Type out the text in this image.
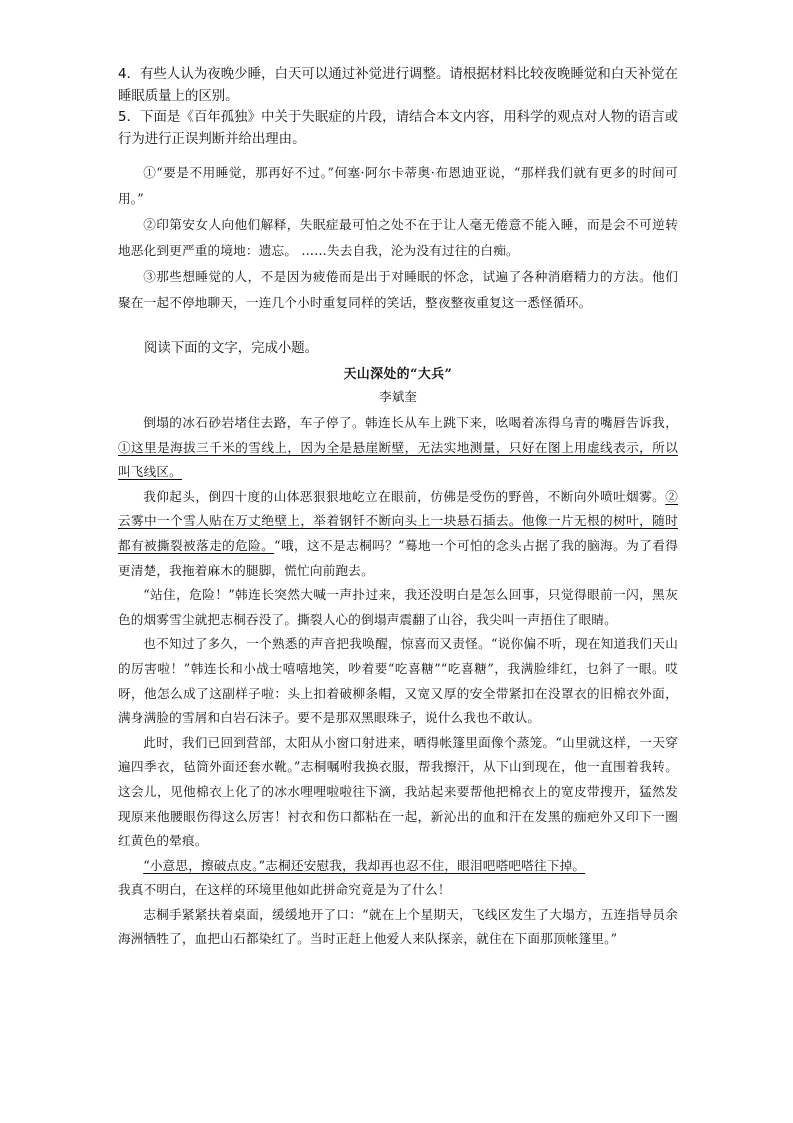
4．有些人认为夜晚少睡，白天可以通过补觉进行调整。请根据材料比较夜晚睡觉和白天补觉在睡眠质量上的区别。

5．下面是《百年孤独》中关于失眠症的片段，请结合本文内容，用科学的观点对人物的语言或行为进行正误判断并给出理由。

①“要是不用睡觉，那再好不过。”何塞·阿尔卡蒂奥·布恩迪亚说，“那样我们就有更多的时间可用。”

②印第安女人向他们解释，失眠症最可怕之处不在于让人毫无倦意不能入睡，而是会不可逆转地恶化到更严重的境地：遗忘。 ……失去自我，沦为没有过往的白痴。

③那些想睡觉的人，不是因为疲倦而是出于对睡眠的怀念，试遍了各种消磨精力的方法。他们聚在一起不停地聊天，一连几个小时重复同样的笑话，整夜整夜重复这一悉怪循环。

阅读下面的文字，完成小题。

天山深处的“大兵”

李斌奎

倒塌的冰石砂岩堵住去路，车子停了。韩连长从车上跳下来，吆喝着冻得乌青的嘴唇告诉我，①这里是海拔三千米的雪线上，因为全是悬崖断壁，无法实地测量，只好在图上用虚线表示，所以叫飞线区。

我仰起头，倒四十度的山体恶狠狠地屹立在眼前，仿佛是受伤的野兽，不断向外喷吐烟雾。②云雾中一个雪人贴在万丈绝壁上，举着钢钎不断向头上一块悬石插去。他像一片无根的树叶，随时都有被撕裂被落走的危险。“哦，这不是志桐吗？”蓦地一个可怕的念头占据了我的脑海。为了看得更清楚，我拖着麻木的腿脚，慌忙向前跑去。

“站住，危险！”韩连长突然大喊一声扑过来，我还没明白是怎么回事，只觉得眼前一闪，黑灰色的烟雾雪尘就把志桐吞没了。撕裂人心的倒塌声震翻了山谷，我尖叫一声捂住了眼睛。

也不知过了多久，一个熟悉的声音把我唤醒，惊喜而又责怪。“说你偏不听，现在知道我们天山的厉害啦！”韩连长和小战士嘻嘻地笑，吵着要“吃喜糖”“吃喜糖”，我满脸绯红，乜斜了一眼。哎呀，他怎么成了这副样子啦：头上扣着破柳条帽，又宽又厚的安全带紧扣在没罩衣的旧棉衣外面，满身满脸的雪屑和白岩石沫子。要不是那双黑眼珠子，说什么我也不敢认。

此时，我们已回到营部，太阳从小窗口射进来，晒得帐篷里面像个蒸笼。“山里就这样，一天穿遍四季衣，毡筒外面还套水靴。”志桐嘱咐我换衣服，帮我擦汗，从下山到现在，他一直围着我转。这会儿，见他棉衣上化了的冰水哩哩啦啦往下滴，我站起来要帮他把棉衣上的宽皮带搜开，猛然发现原来他腰眼伤得这么厉害！衬衣和伤口都粘在一起，新沁出的血和汗在发黑的痂疤外又印下一圈红黄色的晕痕。

“小意思，擦破点皮。”志桐还安慰我，我却再也忍不住，眼泪吧嗒吧嗒往下掉。

我真不明白，在这样的环境里他如此拼命究竟是为了什么！

志桐手紧紧扶着桌面，缓缓地开了口：“就在上个星期天，飞线区发生了大塌方，五连指导员余海洲牺牲了，血把山石都染红了。当时正赶上他爱人来队探亲，就住在下面那顶帐篷里。”
